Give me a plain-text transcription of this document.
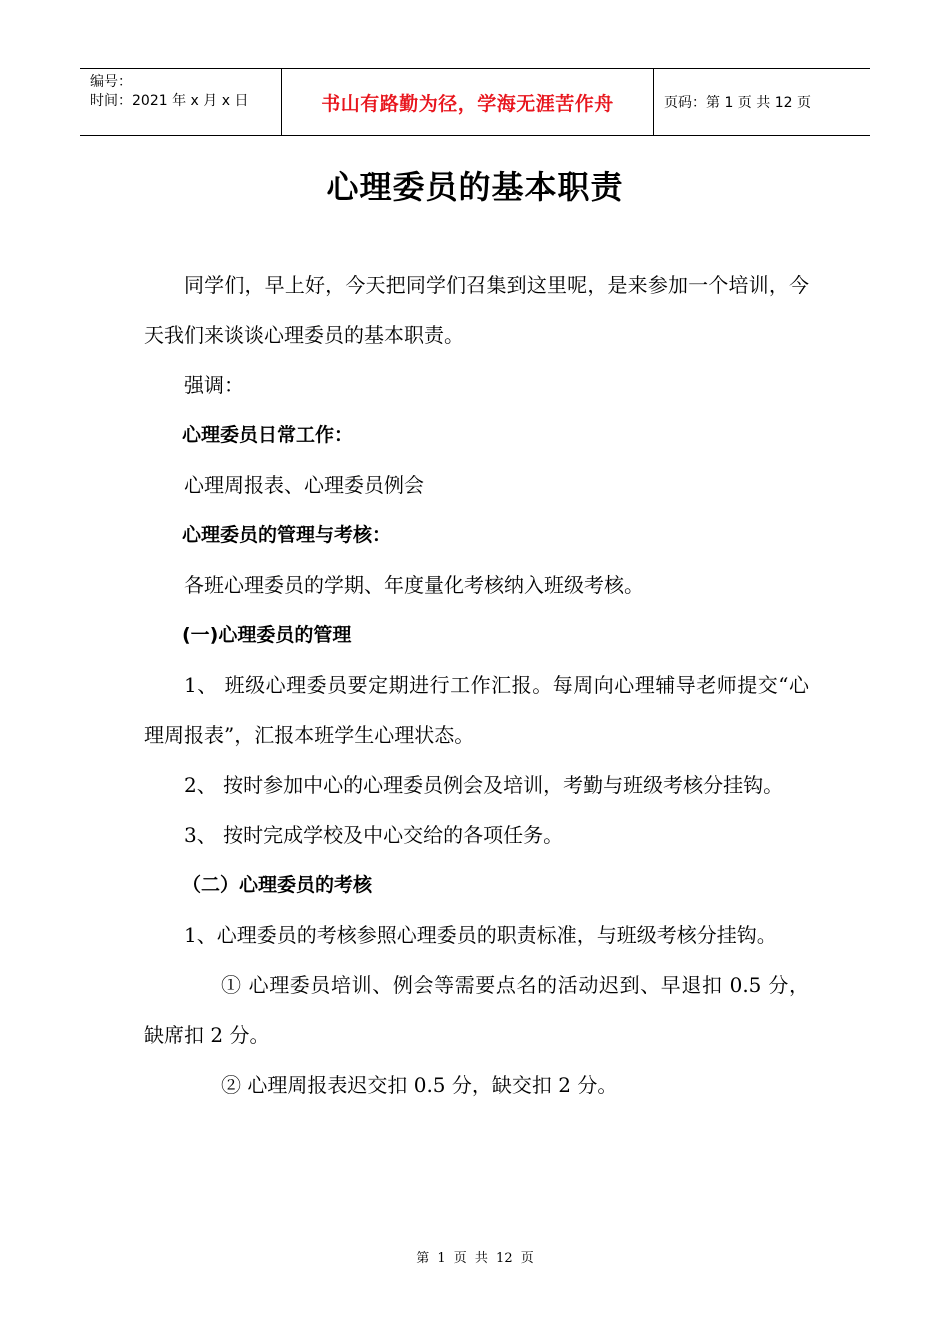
编号：
时间：2021 年 x 月 x 日	书山有路勤为径，学海无涯苦作舟	页码：第 1 页 共 12 页
心理委员的基本职责

同学们，早上好，今天把同学们召集到这里呢，是来参加一个培训，今天我们来谈谈心理委员的基本职责。

强调：

心理委员日常工作：

心理周报表、心理委员例会

心理委员的管理与考核：

各班心理委员的学期、年度量化考核纳入班级考核。

(一)心理委员的管理

1、 班级心理委员要定期进行工作汇报。每周向心理辅导老师提交“心理周报表”，汇报本班学生心理状态。

2、 按时参加中心的心理委员例会及培训，考勤与班级考核分挂钩。

3、 按时完成学校及中心交给的各项任务。

（二）心理委员的考核

1、心理委员的考核参照心理委员的职责标准，与班级考核分挂钩。

① 心理委员培训、例会等需要点名的活动迟到、早退扣 0.5 分，缺席扣 2 分。

② 心理周报表迟交扣 0.5 分，缺交扣 2 分。

第 1 页 共 12 页
